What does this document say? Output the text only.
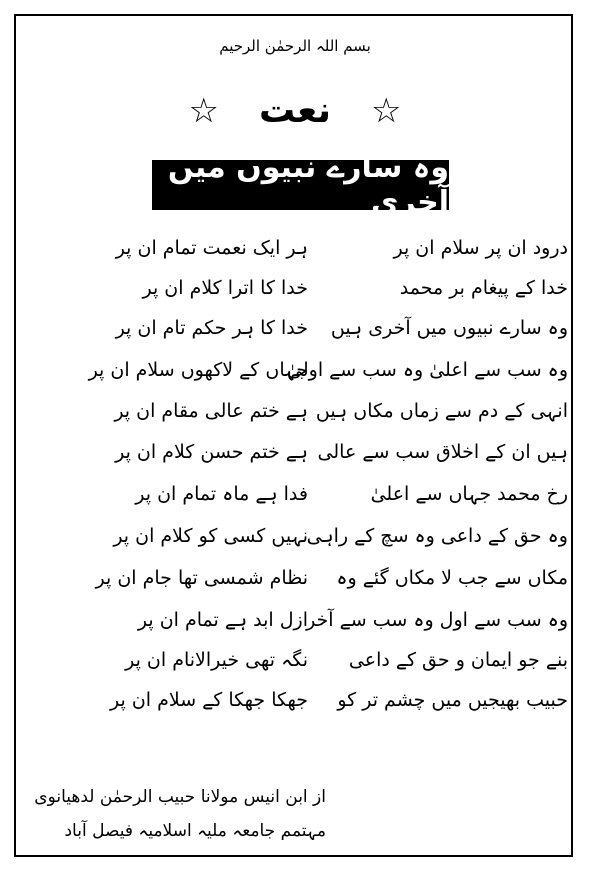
بسم اللہ الرحمٰن الرحیم
☆ نعت ☆
وہ سارے نبیوں میں آخری
درود ان پر سلام ان پر
ہر ایک نعمت تمام ان پر
خدا کے پیغام بر محمد
خدا کا اترا کلام ان پر
وہ سارے نبیوں میں آخری ہیں
خدا کا ہر حکم تام ان پر
وہ سب سے اعلیٰ وہ سب سے اولیٰ
جہاں کے لاکھوں سلام ان پر
انہی کے دم سے زماں مکاں ہیں
ہے ختم عالی مقام ان پر
ہیں ان کے اخلاق سب سے عالی
ہے ختم حسن کلام ان پر
رخ محمد جہاں سے اعلیٰ
فدا ہے ماہ تمام ان پر
وہ حق کے داعی وہ سچ کے راہی
نہیں کسی کو کلام ان پر
مکاں سے جب لا مکاں گئے وہ
نظام شمسی تھا جام ان پر
وہ سب سے اول وہ سب سے آخر
ازل ابد ہے تمام ان پر
بنے جو ایمان و حق کے داعی
نگہ تھی خیرالانام ان پر
حبیب بھیجیں میں چشم تر کو
جھکا جھکا کے سلام ان پر
از ابن انیس مولانا حبیب الرحمٰن لدھیانوی
مہتمم جامعہ ملیہ اسلامیہ فیصل آباد
